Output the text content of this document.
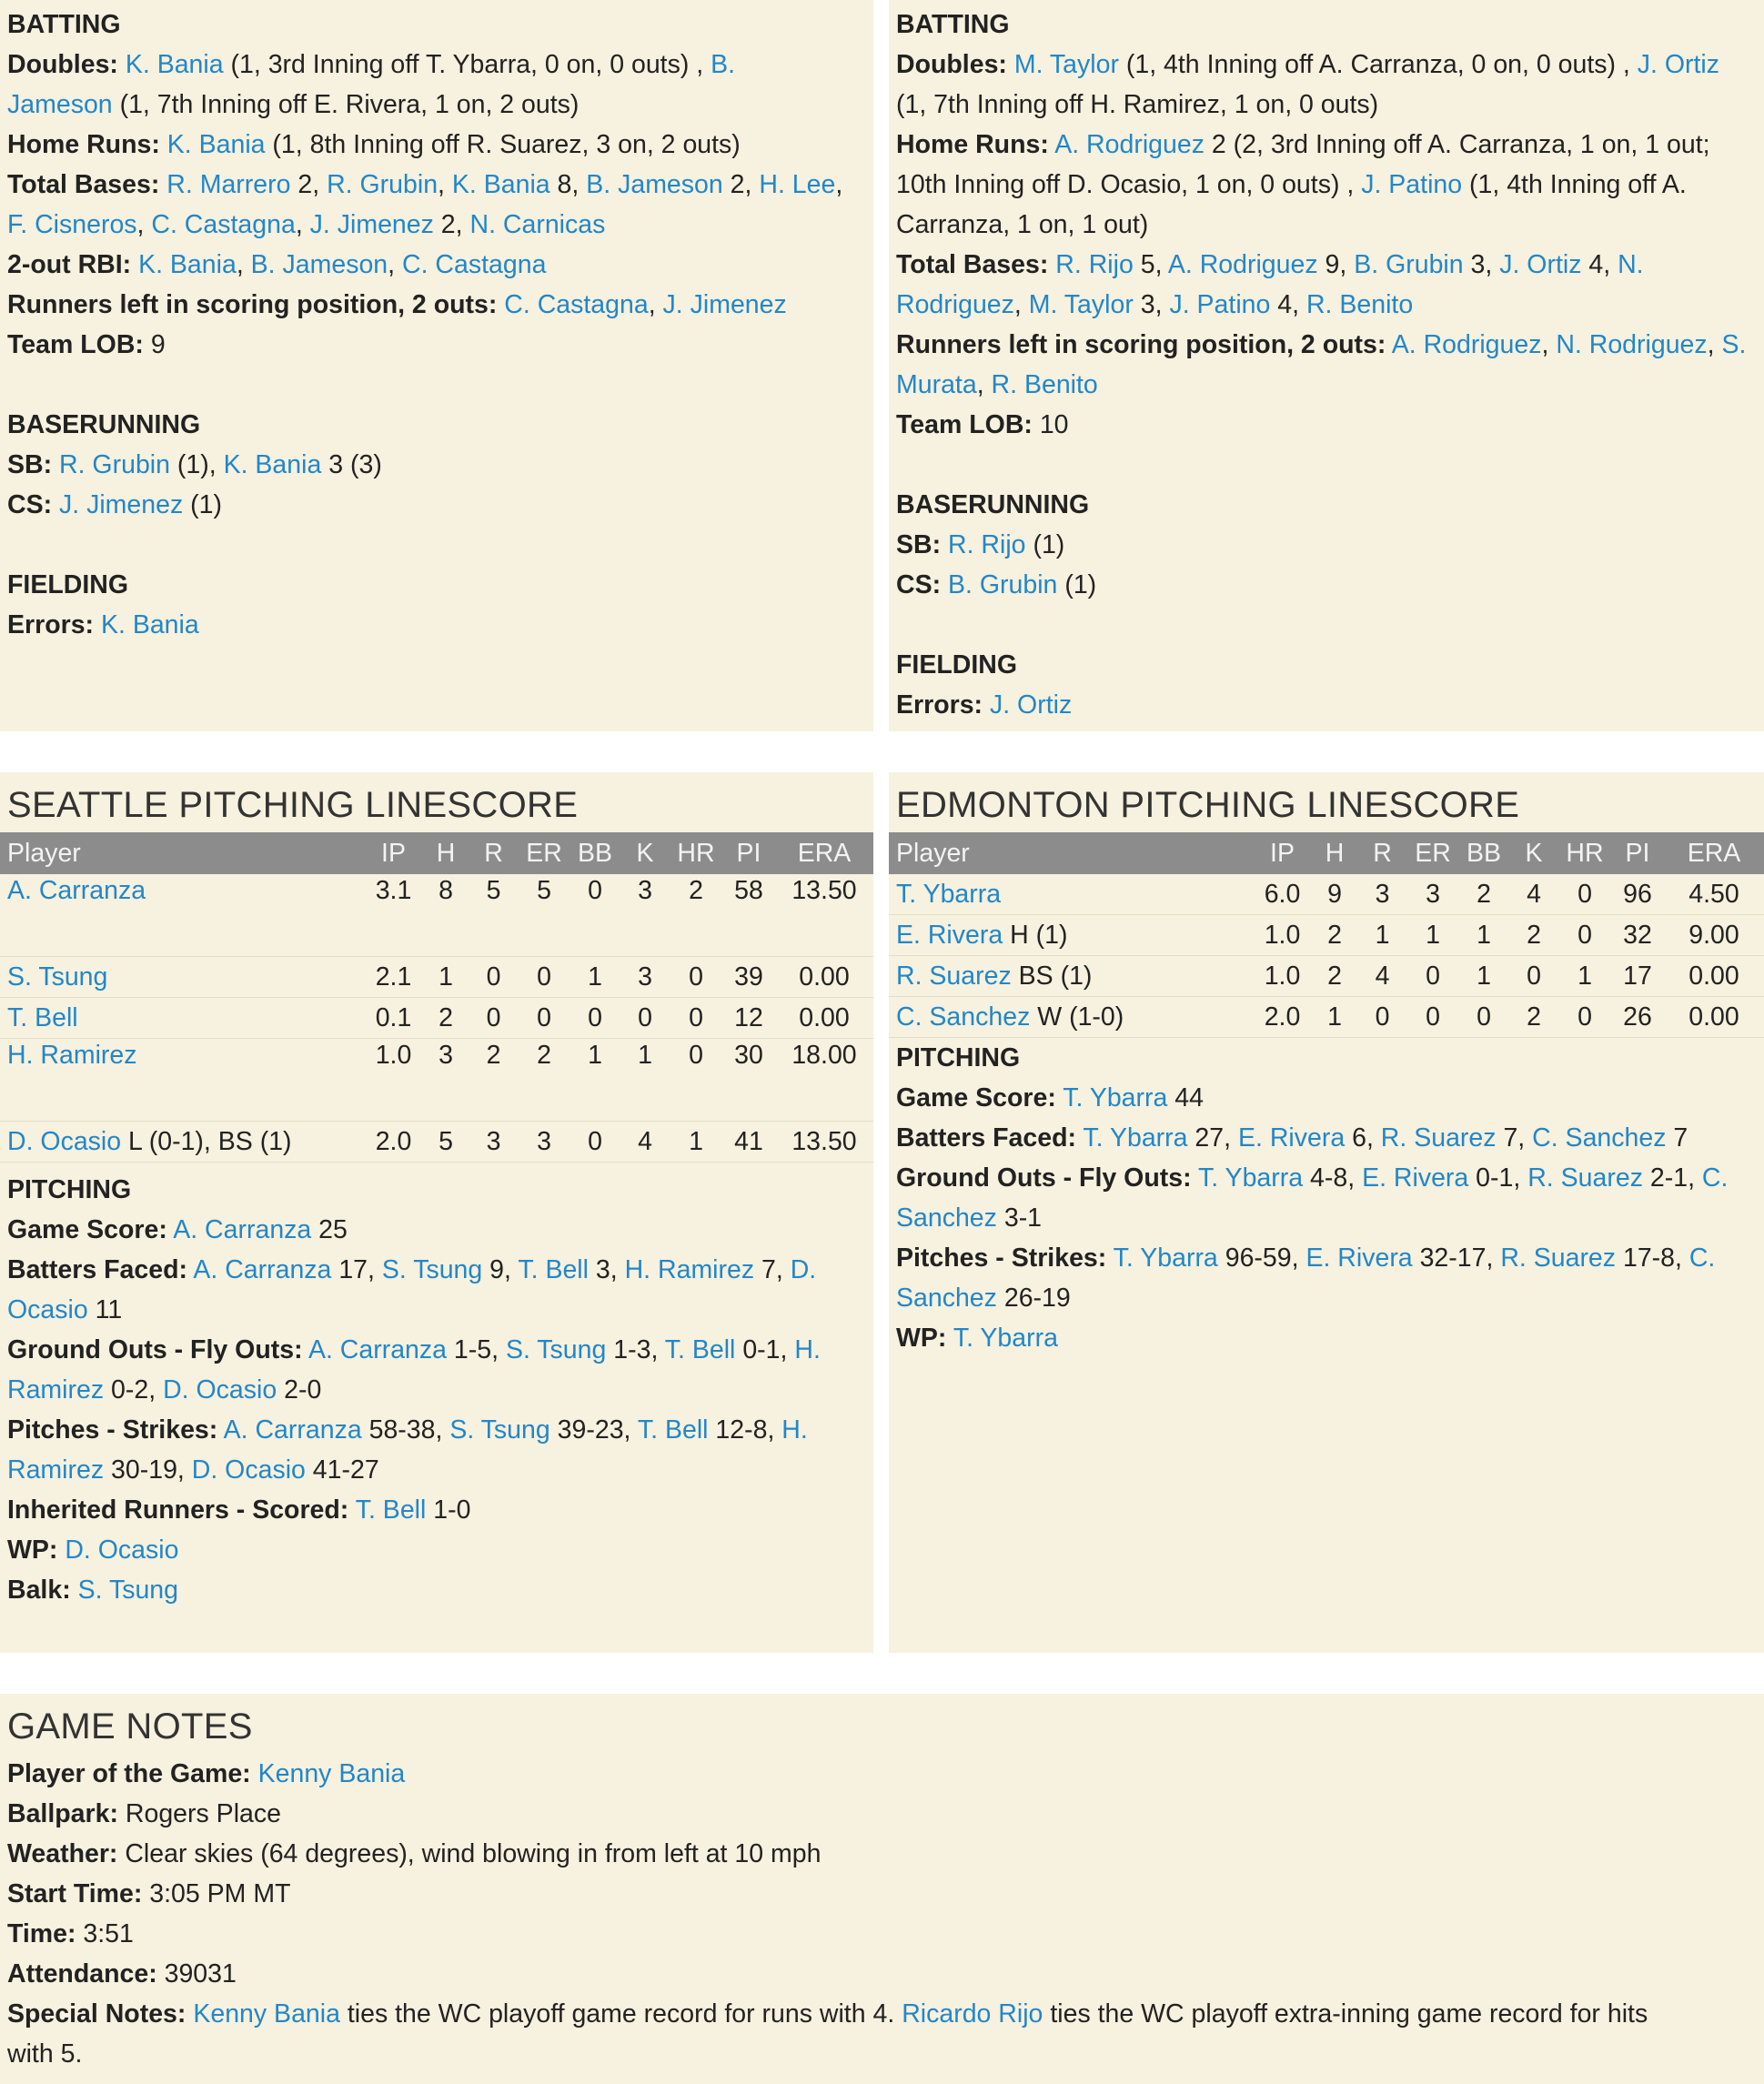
BATTING
Doubles: K. Bania (1, 3rd Inning off T. Ybarra, 0 on, 0 outs) , B.
Jameson (1, 7th Inning off E. Rivera, 1 on, 2 outs)
Home Runs: K. Bania (1, 8th Inning off R. Suarez, 3 on, 2 outs)
Total Bases: R. Marrero 2, R. Grubin, K. Bania 8, B. Jameson 2, H. Lee,
F. Cisneros, C. Castagna, J. Jimenez 2, N. Carnicas
2-out RBI: K. Bania, B. Jameson, C. Castagna
Runners left in scoring position, 2 outs: C. Castagna, J. Jimenez
Team LOB: 9
BASERUNNING
SB: R. Grubin (1), K. Bania 3 (3)
CS: J. Jimenez (1)
FIELDING
Errors: K. Bania
BATTING
Doubles: M. Taylor (1, 4th Inning off A. Carranza, 0 on, 0 outs) , J. Ortiz
(1, 7th Inning off H. Ramirez, 1 on, 0 outs)
Home Runs: A. Rodriguez 2 (2, 3rd Inning off A. Carranza, 1 on, 1 out;
10th Inning off D. Ocasio, 1 on, 0 outs) , J. Patino (1, 4th Inning off A.
Carranza, 1 on, 1 out)
Total Bases: R. Rijo 5, A. Rodriguez 9, B. Grubin 3, J. Ortiz 4, N.
Rodriguez, M. Taylor 3, J. Patino 4, R. Benito
Runners left in scoring position, 2 outs: A. Rodriguez, N. Rodriguez, S.
Murata, R. Benito
Team LOB: 10
BASERUNNING
SB: R. Rijo (1)
CS: B. Grubin (1)
FIELDING
Errors: J. Ortiz
SEATTLE PITCHING LINESCORE
Player	IP	H	R	ER	BB	K	HR	PI	ERA
A. Carranza	3.1	8	5	5	0	3	2	58	13.50
S. Tsung	2.1	1	0	0	1	3	0	39	0.00
T. Bell	0.1	2	0	0	0	0	0	12	0.00
H. Ramirez	1.0	3	2	2	1	1	0	30	18.00
D. Ocasio L (0-1), BS (1)	2.0	5	3	3	0	4	1	41	13.50
PITCHING
Game Score: A. Carranza 25
Batters Faced: A. Carranza 17, S. Tsung 9, T. Bell 3, H. Ramirez 7, D.
Ocasio 11
Ground Outs - Fly Outs: A. Carranza 1-5, S. Tsung 1-3, T. Bell 0-1, H.
Ramirez 0-2, D. Ocasio 2-0
Pitches - Strikes: A. Carranza 58-38, S. Tsung 39-23, T. Bell 12-8, H.
Ramirez 30-19, D. Ocasio 41-27
Inherited Runners - Scored: T. Bell 1-0
WP: D. Ocasio
Balk: S. Tsung
EDMONTON PITCHING LINESCORE
Player	IP	H	R	ER	BB	K	HR	PI	ERA
T. Ybarra	6.0	9	3	3	2	4	0	96	4.50
E. Rivera H (1)	1.0	2	1	1	1	2	0	32	9.00
R. Suarez BS (1)	1.0	2	4	0	1	0	1	17	0.00
C. Sanchez W (1-0)	2.0	1	0	0	0	2	0	26	0.00
PITCHING
Game Score: T. Ybarra 44
Batters Faced: T. Ybarra 27, E. Rivera 6, R. Suarez 7, C. Sanchez 7
Ground Outs - Fly Outs: T. Ybarra 4-8, E. Rivera 0-1, R. Suarez 2-1, C.
Sanchez 3-1
Pitches - Strikes: T. Ybarra 96-59, E. Rivera 32-17, R. Suarez 17-8, C.
Sanchez 26-19
WP: T. Ybarra
GAME NOTES
Player of the Game: Kenny Bania
Ballpark: Rogers Place
Weather: Clear skies (64 degrees), wind blowing in from left at 10 mph
Start Time: 3:05 PM MT
Time: 3:51
Attendance: 39031
Special Notes: Kenny Bania ties the WC playoff game record for runs with 4. Ricardo Rijo ties the WC playoff extra-inning game record for hits
with 5.
